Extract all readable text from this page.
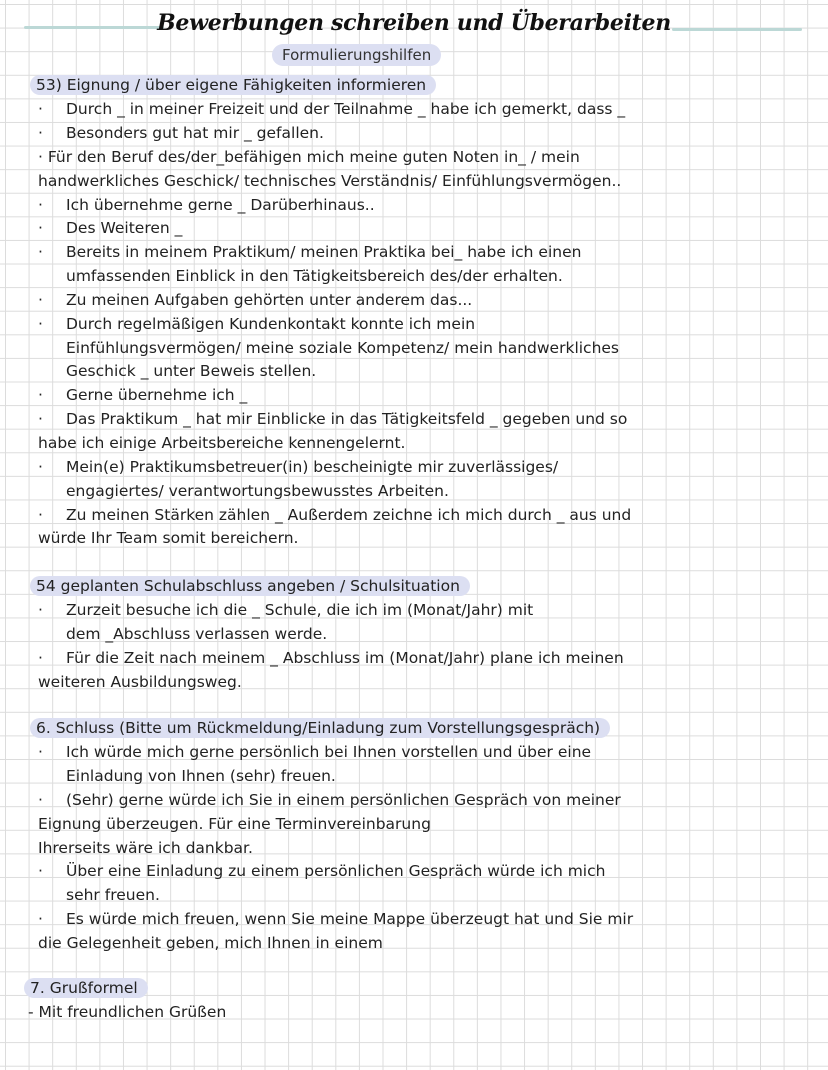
Bewerbungen schreiben und Überarbeiten
Formulierungshilfen
53) Eignung / über eigene Fähigkeiten informieren
· Durch _ in meiner Freizeit und der Teilnahme _ habe ich gemerkt, dass _
· Besonders gut hat mir _ gefallen.
· Für den Beruf des/der_befähigen mich meine guten Noten in_ / mein
handwerkliches Geschick/ technisches Verständnis/ Einfühlungsvermögen..
· Ich übernehme gerne _ Darüberhinaus..
· Des Weiteren _
· Bereits in meinem Praktikum/ meinen Praktika bei_ habe ich einen
umfassenden Einblick in den Tätigkeitsbereich des/der erhalten.
· Zu meinen Aufgaben gehörten unter anderem das...
· Durch regelmäßigen Kundenkontakt konnte ich mein
Einfühlungsvermögen/ meine soziale Kompetenz/ mein handwerkliches
Geschick _ unter Beweis stellen.
· Gerne übernehme ich _
· Das Praktikum _ hat mir Einblicke in das Tätigkeitsfeld _ gegeben und so
habe ich einige Arbeitsbereiche kennengelernt.
· Mein(e) Praktikumsbetreuer(in) bescheinigte mir zuverlässiges/
engagiertes/ verantwortungsbewusstes Arbeiten.
· Zu meinen Stärken zählen _ Außerdem zeichne ich mich durch _ aus und
würde Ihr Team somit bereichern.
54 geplanten Schulabschluss angeben / Schulsituation
· Zurzeit besuche ich die _ Schule, die ich im (Monat/Jahr) mit
dem _Abschluss verlassen werde.
· Für die Zeit nach meinem _ Abschluss im (Monat/Jahr) plane ich meinen
weiteren Ausbildungsweg.
6. Schluss (Bitte um Rückmeldung/Einladung zum Vorstellungsgespräch)
· Ich würde mich gerne persönlich bei Ihnen vorstellen und über eine
Einladung von Ihnen (sehr) freuen.
· (Sehr) gerne würde ich Sie in einem persönlichen Gespräch von meiner
Eignung überzeugen. Für eine Terminvereinbarung
Ihrerseits wäre ich dankbar.
· Über eine Einladung zu einem persönlichen Gespräch würde ich mich
sehr freuen.
· Es würde mich freuen, wenn Sie meine Mappe überzeugt hat und Sie mir
die Gelegenheit geben, mich Ihnen in einem
7. Grußformel
- Mit freundlichen Grüßen
